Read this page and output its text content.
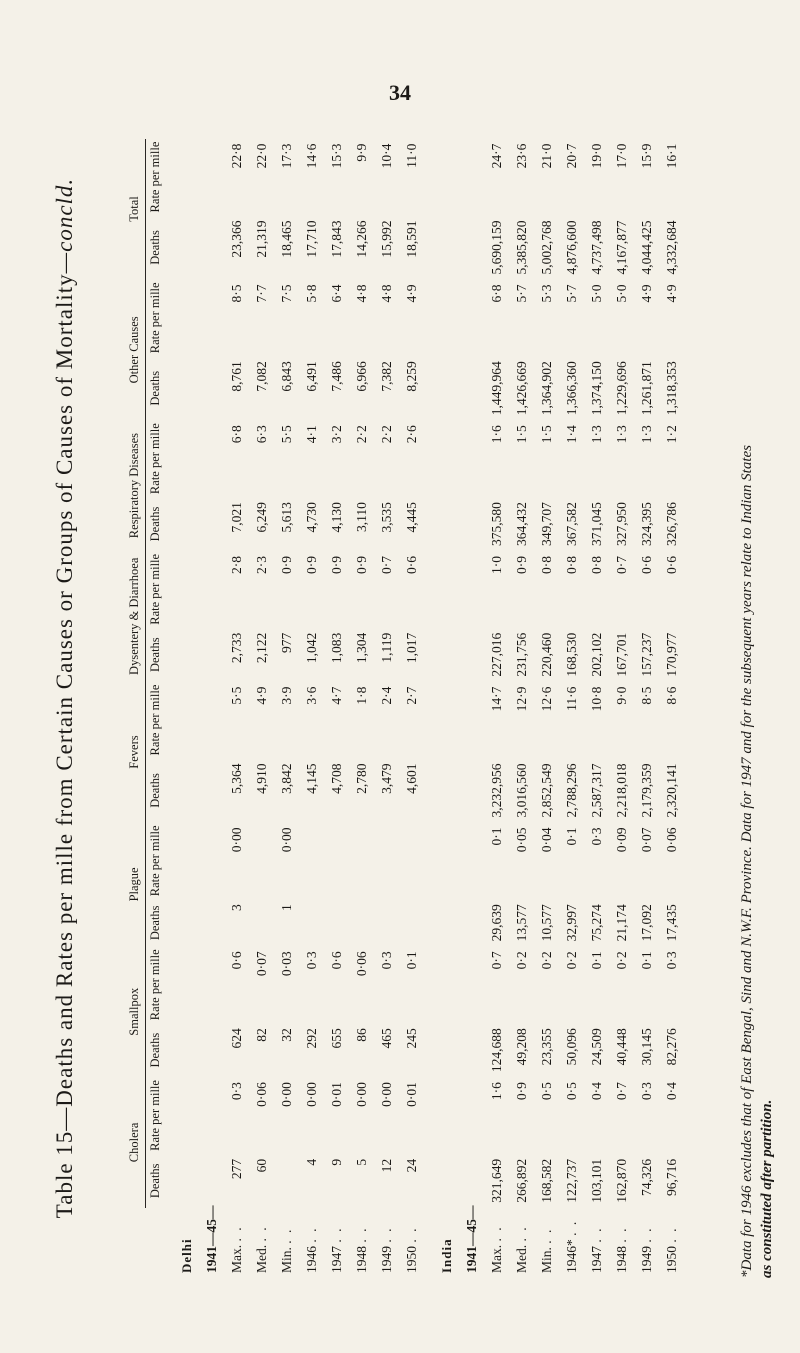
34
Table 15—Deaths and Rates per mille from Certain Causes or Groups of Causes of Mortality—concld.
	Cholera		Smallpox		Plague		Fevers		Dysentery & Diarrhoea		Respiratory Diseases		Other Causes		Total	
	Deaths	Rate per mille	Deaths	Rate per mille	Deaths	Rate per mille	Deaths	Rate per mille	Deaths	Rate per mille	Deaths	Rate per mille	Deaths	Rate per mille	Deaths	Rate per mille

Delhi																
1941—45—																
Max. . .	277	0·3	624	0·6	3	0·00	5,364	5·5	2,733	2·8	7,021	6·8	8,761	8·5	23,366	22·8
Med. . .	60	0·06	82	0·07			4,910	4·9	2,122	2·3	6,249	6·3	7,082	7·7	21,319	22·0
Min. . .		0·00	32	0·03	1	0·00	3,842	3·9	977	0·9	5,613	5·5	6,843	7·5	18,465	17·3
1946 . .	4	0·00	292	0·3			4,145	3·6	1,042	0·9	4,730	4·1	6,491	5·8	17,710	14·6
1947 . .	9	0·01	655	0·6			4,708	4·7	1,083	0·9	4,130	3·2	7,486	6·4	17,843	15·3
1948 . .	5	0·00	86	0·06			2,780	1·8	1,304	0·9	3,110	2·2	6,966	4·8	14,266	9·9
1949 . .	12	0·00	465	0·3			3,479	2·4	1,119	0·7	3,535	2·2	7,382	4·8	15,992	10·4
1950 . .	24	0·01	245	0·1			4,601	2·7	1,017	0·6	4,445	2·6	8,259	4·9	18,591	11·0

India																
1941—45—																
Max. . .	321,649	1·6	124,688	0·7	29,639	0·1	3,232,956	14·7	227,016	1·0	375,580	1·6	1,449,964	6·8	5,690,159	24·7
Med. . .	266,892	0·9	49,208	0·2	13,577	0·05	3,016,560	12·9	231,756	0·9	364,432	1·5	1,426,669	5·7	5,385,820	23·6
Min. . .	168,582	0·5	23,355	0·2	10,577	0·04	2,852,549	12·6	220,460	0·8	349,707	1·5	1,364,902	5·3	5,002,768	21·0
1946* . .	122,737	0·5	50,096	0·2	32,997	0·1	2,788,296	11·6	168,530	0·8	367,582	1·4	1,366,360	5·7	4,876,600	20·7
1947 . .	103,101	0·4	24,509	0·1	75,274	0·3	2,587,317	10·8	202,102	0·8	371,045	1·3	1,374,150	5·0	4,737,498	19·0
1948 . .	162,870	0·7	40,448	0·2	21,174	0·09	2,218,018	9·0	167,701	0·7	327,950	1·3	1,229,696	5·0	4,167,877	17·0
1949 . .	74,326	0·3	30,145	0·1	17,092	0·07	2,179,359	8·5	157,237	0·6	324,395	1·3	1,261,871	4·9	4,044,425	15·9
1950 . .	96,716	0·4	82,276	0·3	17,435	0·06	2,320,141	8·6	170,977	0·6	326,786	1·2	1,318,353	4·9	4,332,684	16·1
*Data for 1946 excludes that of East Bengal, Sind and N.W.F. Province. Data for 1947 and for the subsequent years relate to Indian States as constituted after partition.
